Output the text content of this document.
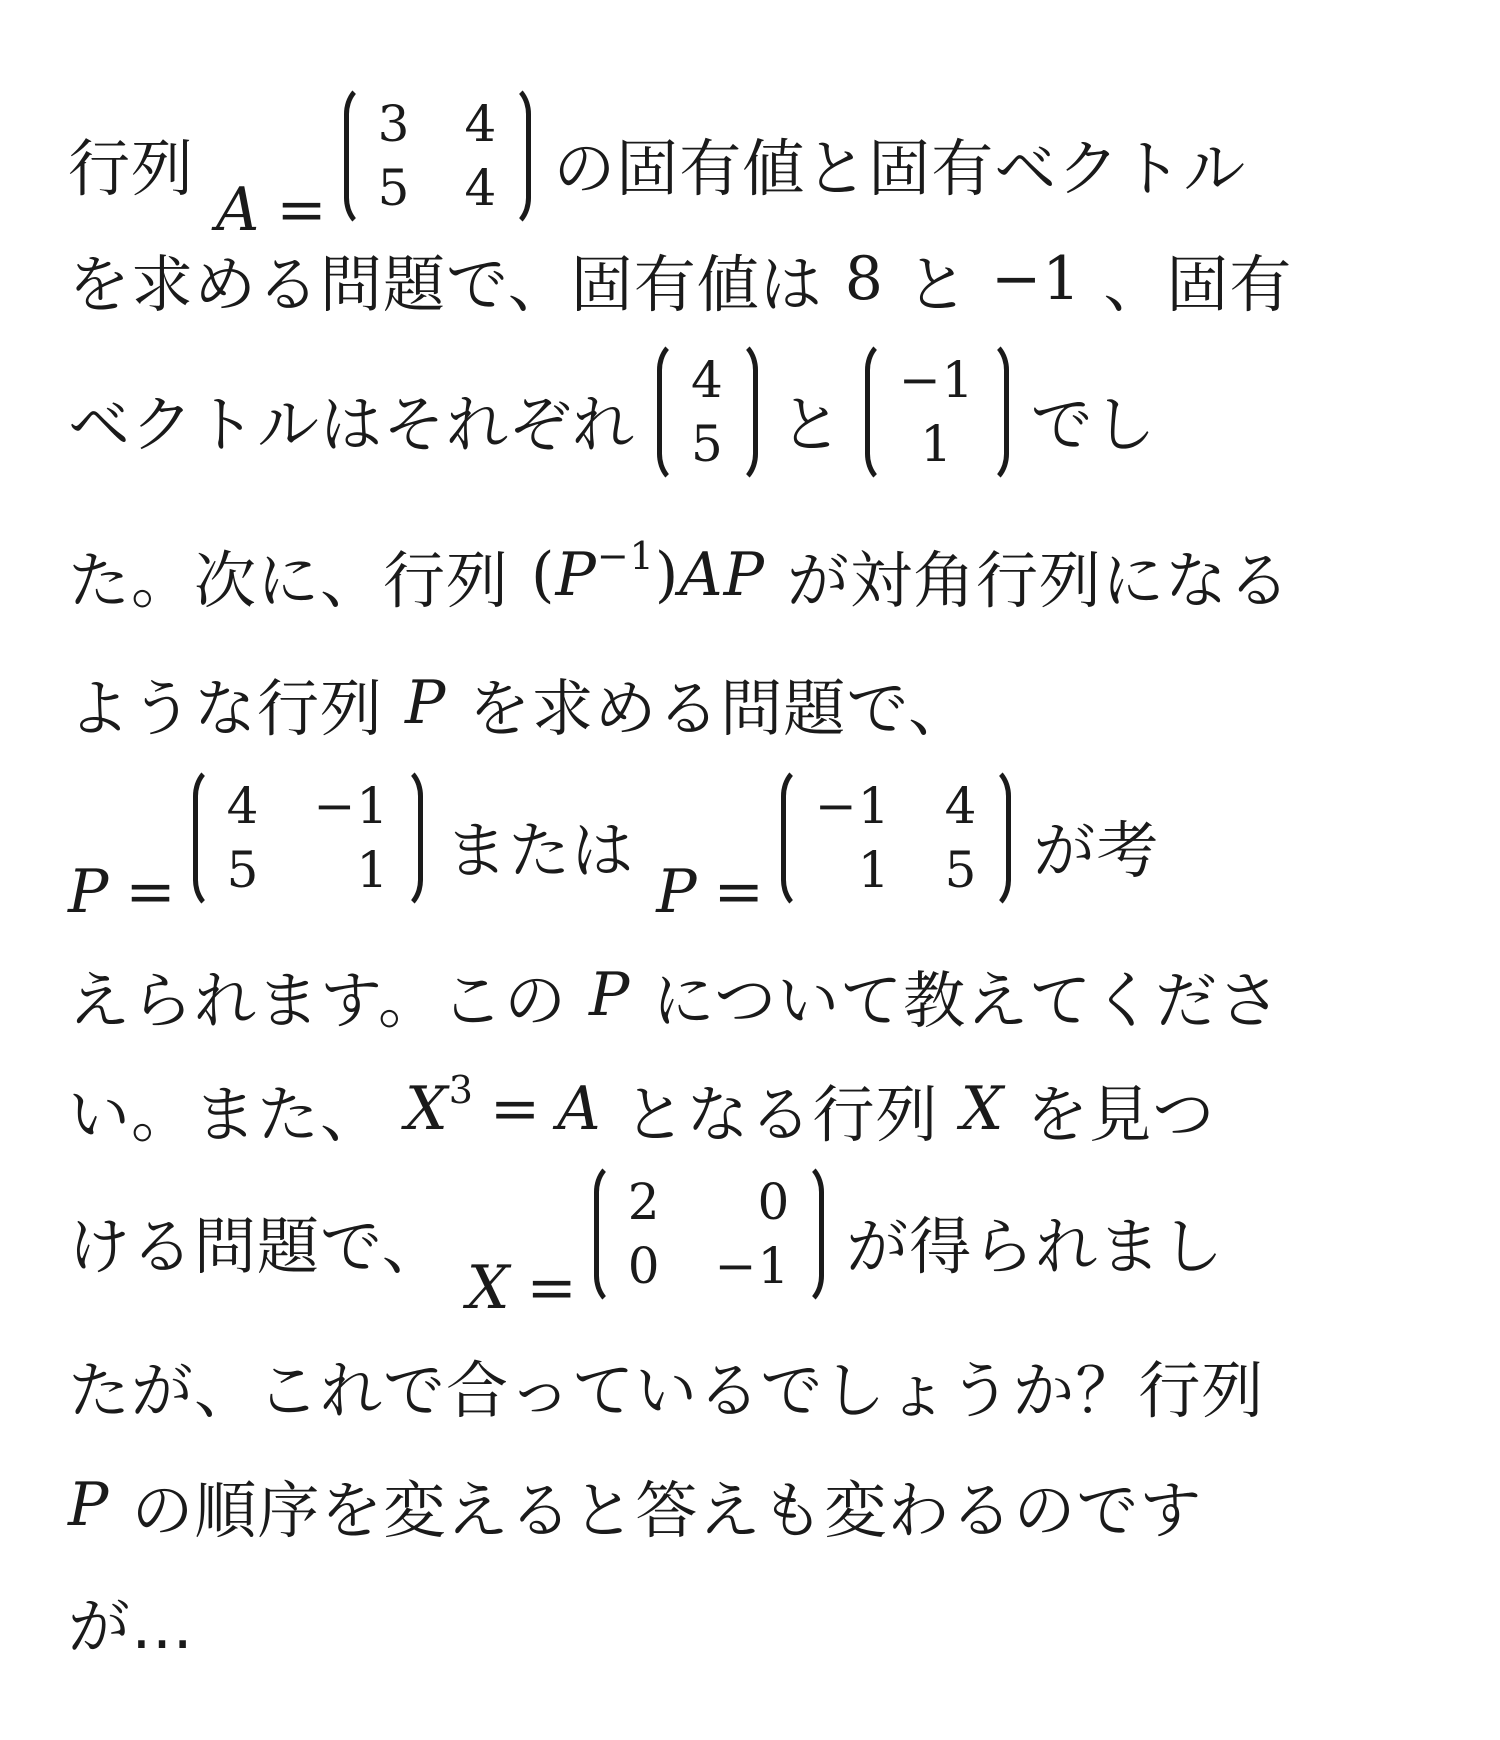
行列
A =
3 4
5 4 の固有値と固有ベクトル
を求める問題で、固有値は 8 と −1 、固有
ベクトルはそれぞれ
4
5 と
−1
1	でし
た。次に、行列 $(P^{-1})AP$ が対角行列になる
ような行列 P を求める問題で、
P =
4 −1
5	1 または
P =
−1 4
1 5 が考
えられます。この P について教えてくださ
い。また、 $X^3 = A$ となる行列 X を見つ
ける問題で、
X =
2	0
0 −1 が得られまし
たが、これで合っているでしょうか？行列
P の順序を変えると答えも変わるのです
が…
